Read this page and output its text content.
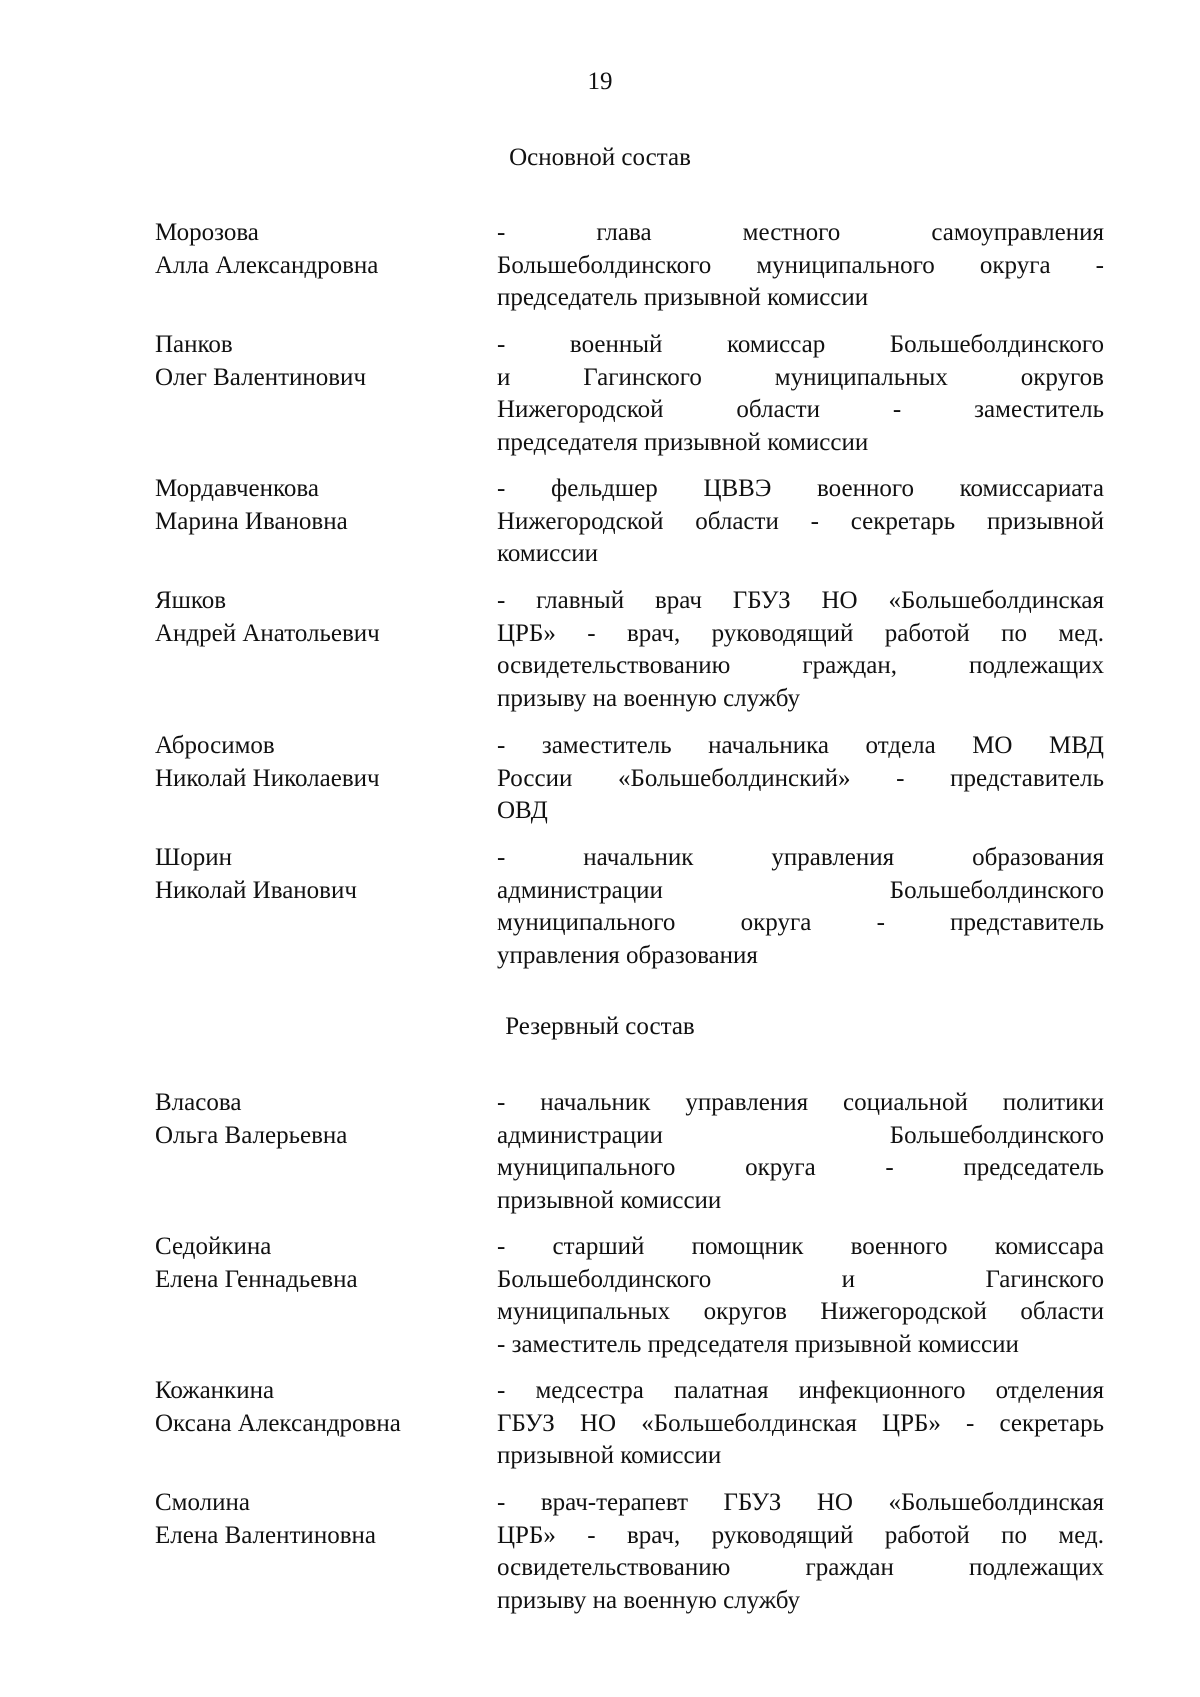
19
Основной состав
Морозова
Алла Александровна
- глава местного самоуправления
Большеболдинского муниципального округа -
председатель призывной комиссии
Панков
Олег Валентинович
- военный комиссар Большеболдинского
и Гагинского муниципальных округов
Нижегородской области - заместитель
председателя призывной комиссии
Мордавченкова
Марина Ивановна
- фельдшер ЦВВЭ военного комиссариата
Нижегородской области - секретарь призывной
комиссии
Яшков
Андрей Анатольевич
- главный врач ГБУЗ НО «Большеболдинская
ЦРБ» - врач, руководящий работой по мед.
освидетельствованию граждан, подлежащих
призыву на военную службу
Абросимов
Николай Николаевич
- заместитель начальника отдела МО МВД
России «Большеболдинский» - представитель
ОВД
Шорин
Николай Иванович
- начальник управления образования
администрации Большеболдинского
муниципального округа - представитель
управления образования
Резервный состав
Власова
Ольга Валерьевна
- начальник управления социальной политики
администрации Большеболдинского
муниципального округа - председатель
призывной комиссии
Седойкина
Елена Геннадьевна
- старший помощник военного комиссара
Большеболдинского и Гагинского
муниципальных округов Нижегородской области
- заместитель председателя призывной комиссии
Кожанкина
Оксана Александровна
- медсестра палатная инфекционного отделения
ГБУЗ НО «Большеболдинская ЦРБ» - секретарь
призывной комиссии
Смолина
Елена Валентиновна
- врач-терапевт ГБУЗ НО «Большеболдинская
ЦРБ» - врач, руководящий работой по мед.
освидетельствованию граждан подлежащих
призыву на военную службу
